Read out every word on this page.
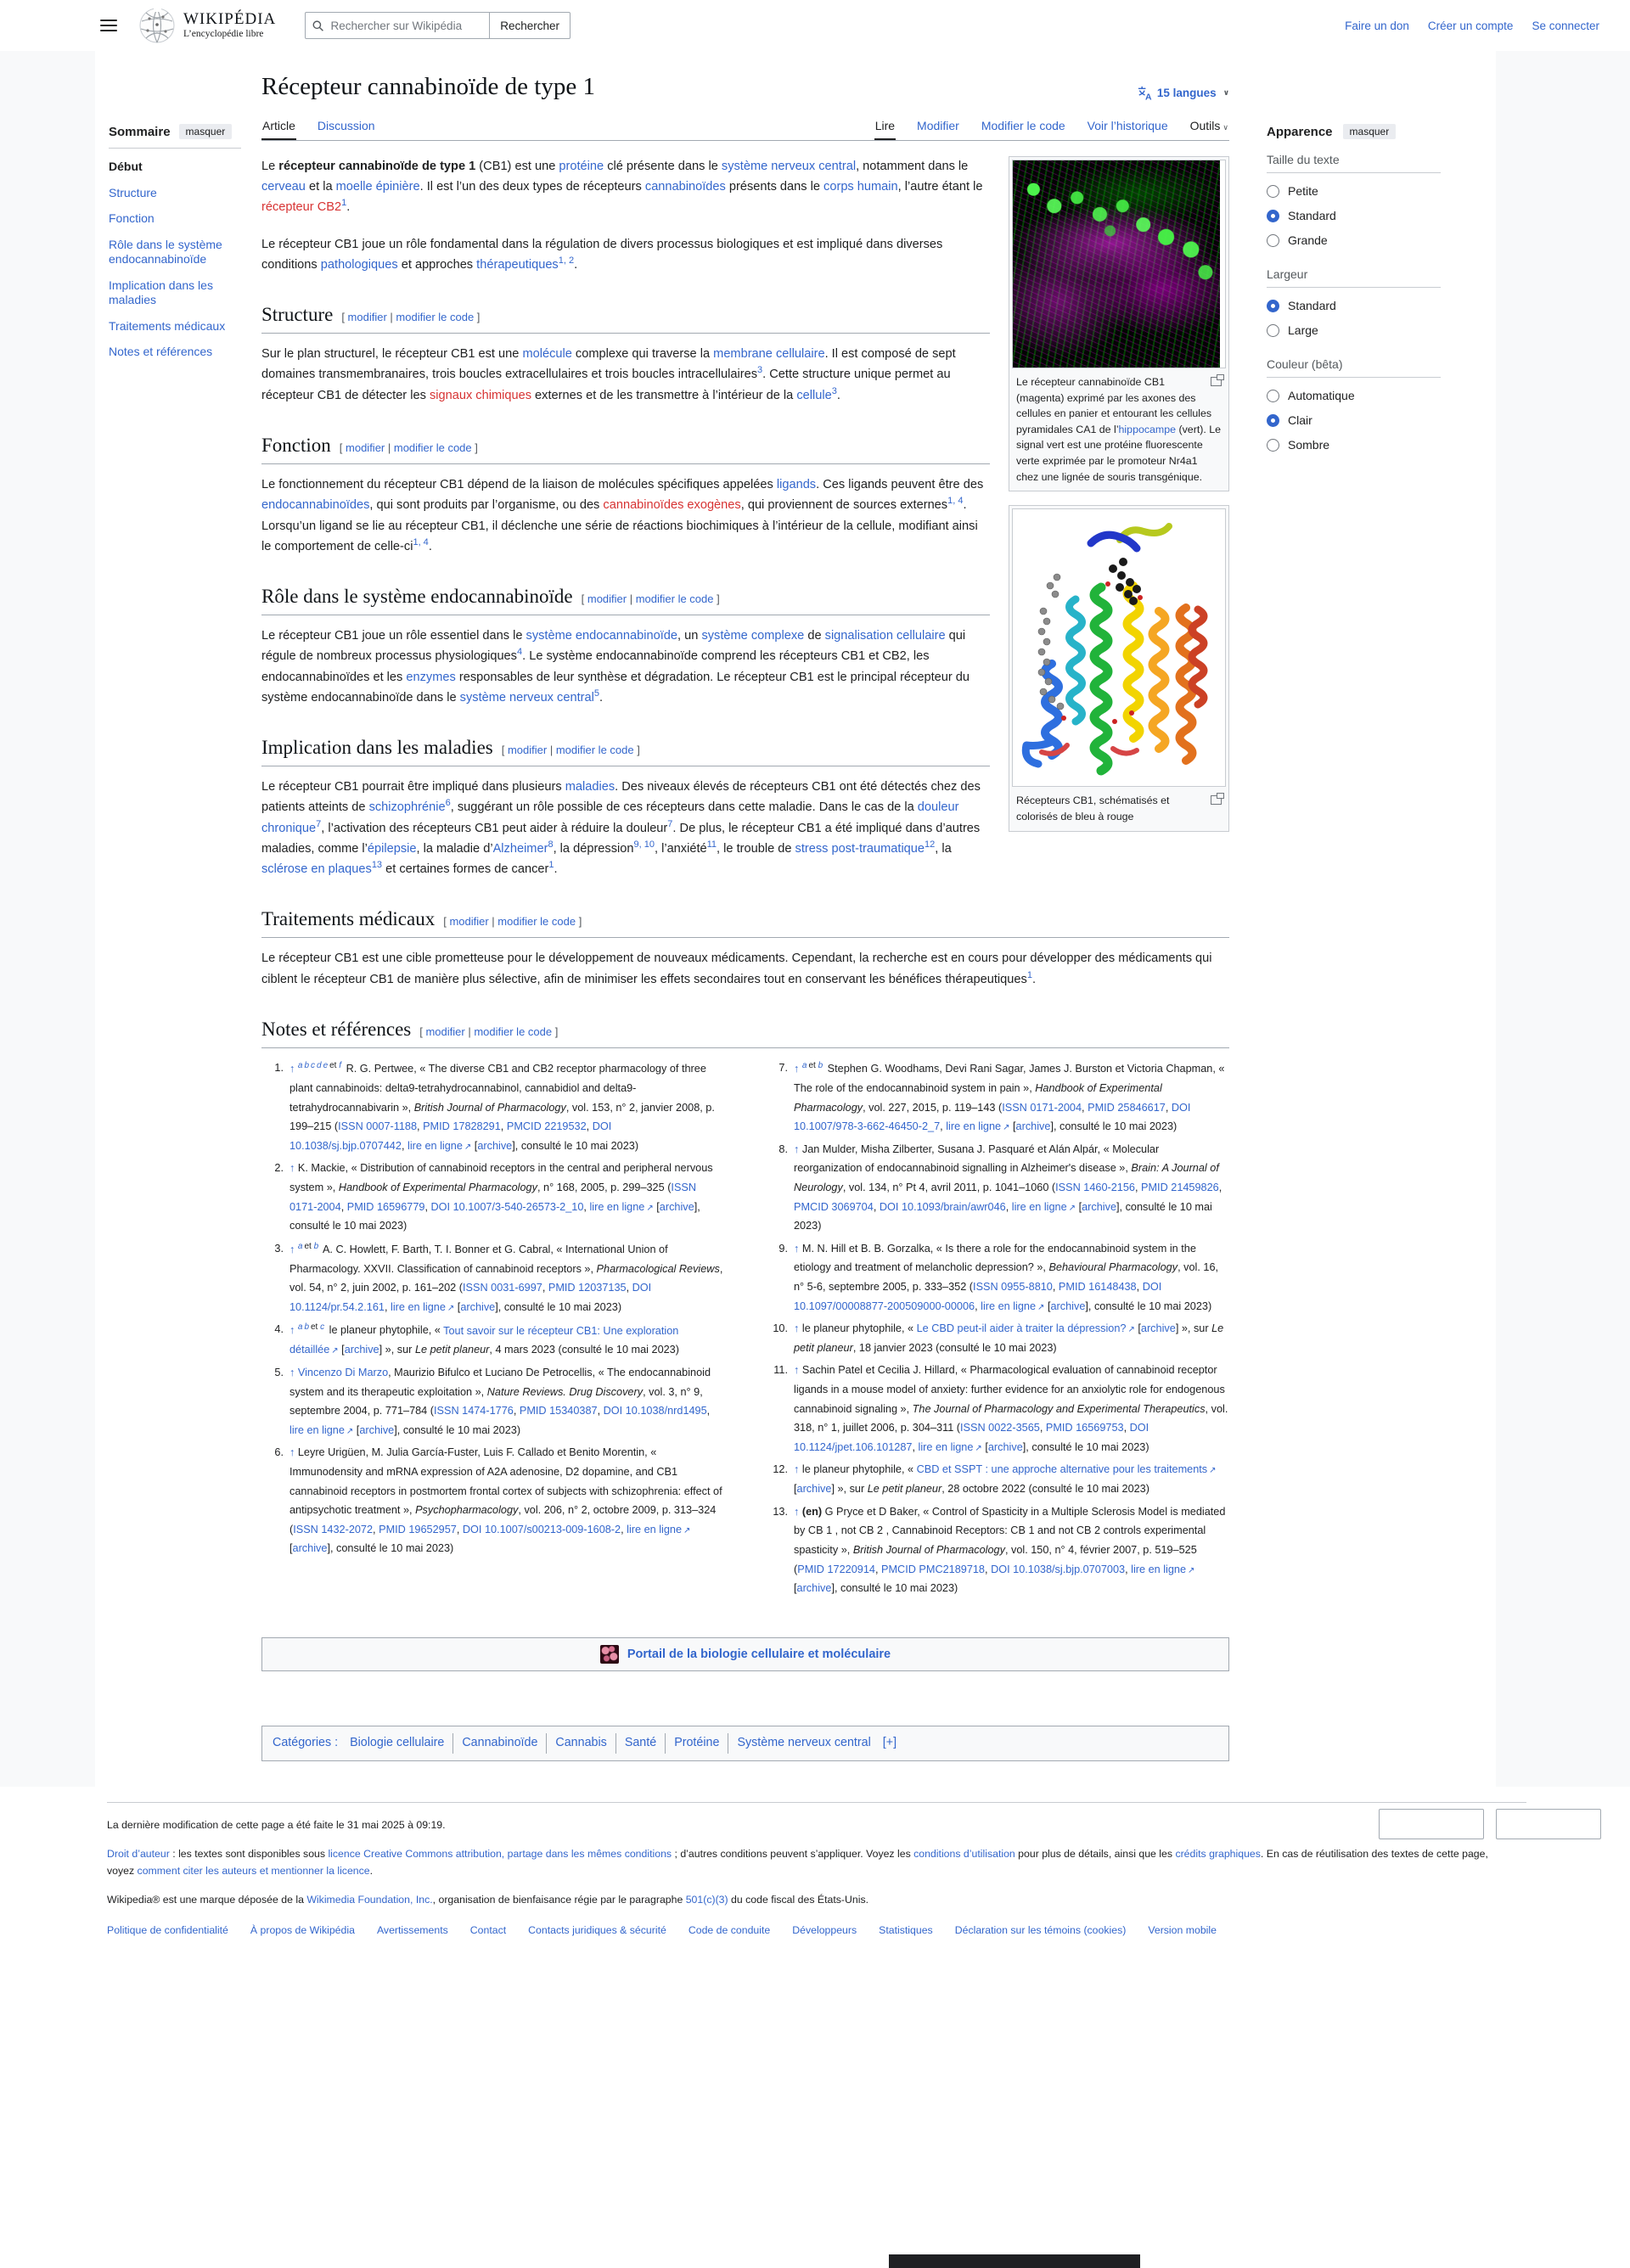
WIKIPÉDIA
L’encyclopédie libre
Rechercher sur Wikipédia
Rechercher	Faire un don Créer un compte Se connecter
Sommaire	masquer
Début
Structure
Fonction
Rôle dans le système endocannabinoïde
Implication dans les maladies
Traitements médicaux
Notes et références
Récepteur cannabinoïde de type 1	A 15 langues ∨
Article Discussion	Lire Modifier Modifier le code Voir l’historique Outils ∨
Le récepteur cannabinoïde CB1 (magenta) exprimé par les axones des cellules en panier et entourant les cellules pyramidales CA1 de l’hippocampe (vert). Le signal vert est une protéine fluorescente verte exprimée par le promoteur Nr4a1 chez une lignée de souris transgénique.
Récepteurs CB1, schématisés et colorisés de bleu à rouge

Le récepteur cannabinoïde de type 1 (CB1) est une protéine clé présente dans le système nerveux central, notamment dans le cerveau et la moelle épinière. Il est l’un des deux types de récepteurs cannabinoïdes présents dans le corps humain, l’autre étant le récepteur CB2$^1$.

Le récepteur CB1 joue un rôle fondamental dans la régulation de divers processus biologiques et est impliqué dans diverses conditions pathologiques et approches thérapeutiques$^{1, 2}$.

Structure [ modifier | modifier le code ]

Sur le plan structurel, le récepteur CB1 est une molécule complexe qui traverse la membrane cellulaire. Il est composé de sept domaines transmembranaires, trois boucles extracellulaires et trois boucles intracellulaires$^3$. Cette structure unique permet au récepteur CB1 de détecter les signaux chimiques externes et de les transmettre à l’intérieur de la cellule$^3$.

Fonction [ modifier | modifier le code ]

Le fonctionnement du récepteur CB1 dépend de la liaison de molécules spécifiques appelées ligands. Ces ligands peuvent être des endocannabinoïdes, qui sont produits par l’organisme, ou des cannabinoïdes exogènes, qui proviennent de sources externes$^{1, 4}$. Lorsqu’un ligand se lie au récepteur CB1, il déclenche une série de réactions biochimiques à l’intérieur de la cellule, modifiant ainsi le comportement de celle-ci$^{1, 4}$.

Rôle dans le système endocannabinoïde [ modifier | modifier le code ]

Le récepteur CB1 joue un rôle essentiel dans le système endocannabinoïde, un système complexe de signalisation cellulaire qui régule de nombreux processus physiologiques$^4$. Le système endocannabinoïde comprend les récepteurs CB1 et CB2, les endocannabinoïdes et les enzymes responsables de leur synthèse et dégradation. Le récepteur CB1 est le principal récepteur du système endocannabinoïde dans le système nerveux central$^5$.

Implication dans les maladies [ modifier | modifier le code ]

Le récepteur CB1 pourrait être impliqué dans plusieurs maladies. Des niveaux élevés de récepteurs CB1 ont été détectés chez des patients atteints de schizophrénie$^6$, suggérant un rôle possible de ces récepteurs dans cette maladie. Dans le cas de la douleur chronique$^7$, l’activation des récepteurs CB1 peut aider à réduire la douleur$^7$. De plus, le récepteur CB1 a été impliqué dans d’autres maladies, comme l’épilepsie, la maladie d’Alzheimer$^8$, la dépression$^{9, 10}$, l’anxiété$^{11}$, le trouble de stress post-traumatique$^{12}$, la sclérose en plaques$^{13}$ et certaines formes de cancer$^1$.

Traitements médicaux [ modifier | modifier le code ]

Le récepteur CB1 est une cible prometteuse pour le développement de nouveaux médicaments. Cependant, la recherche est en cours pour développer des médicaments qui ciblent le récepteur CB1 de manière plus sélective, afin de minimiser les effets secondaires tout en conservant les bénéfices thérapeutiques$^1$.

Notes et références [ modifier | modifier le code ]
1. ↑ $^{a b c d e et f}$ R. G. Pertwee, « The diverse CB1 and CB2 receptor pharmacology of three plant cannabinoids: delta9-tetrahydrocannabinol, cannabidiol and delta9-tetrahydrocannabivarin », British Journal of Pharmacology, vol. 153, n° 2, janvier 2008, p. 199–215 (ISSN 0007-1188, PMID 17828291, PMCID 2219532, DOI 10.1038/sj.bjp.0707442, lire en ligne ↗ [archive], consulté le 10 mai 2023)
2. ↑ K. Mackie, « Distribution of cannabinoid receptors in the central and peripheral nervous system », Handbook of Experimental Pharmacology, n° 168, 2005, p. 299–325 (ISSN 0171-2004, PMID 16596779, DOI 10.1007/3-540-26573-2_10, lire en ligne ↗ [archive], consulté le 10 mai 2023)
3. ↑ $^{a et b}$ A. C. Howlett, F. Barth, T. I. Bonner et G. Cabral, « International Union of Pharmacology. XXVII. Classification of cannabinoid receptors », Pharmacological Reviews, vol. 54, n° 2, juin 2002, p. 161–202 (ISSN 0031-6997, PMID 12037135, DOI 10.1124/pr.54.2.161, lire en ligne ↗ [archive], consulté le 10 mai 2023)
4. ↑ $^{a b et c}$ le planeur phytophile, « Tout savoir sur le récepteur CB1: Une exploration détaillée ↗ [archive] », sur Le petit planeur, 4 mars 2023 (consulté le 10 mai 2023)
5. ↑ Vincenzo Di Marzo, Maurizio Bifulco et Luciano De Petrocellis, « The endocannabinoid system and its therapeutic exploitation », Nature Reviews. Drug Discovery, vol. 3, n° 9, septembre 2004, p. 771–784 (ISSN 1474-1776, PMID 15340387, DOI 10.1038/nrd1495, lire en ligne ↗ [archive], consulté le 10 mai 2023)
6. ↑ Leyre Urigüen, M. Julia García-Fuster, Luis F. Callado et Benito Morentin, « Immunodensity and mRNA expression of A2A adenosine, D2 dopamine, and CB1 cannabinoid receptors in postmortem frontal cortex of subjects with schizophrenia: effect of antipsychotic treatment », Psychopharmacology, vol. 206, n° 2, octobre 2009, p. 313–324 (ISSN 1432-2072, PMID 19652957, DOI 10.1007/s00213-009-1608-2, lire en ligne ↗ [archive], consulté le 10 mai 2023)
7. ↑ $^{a et b}$ Stephen G. Woodhams, Devi Rani Sagar, James J. Burston et Victoria Chapman, « The role of the endocannabinoid system in pain », Handbook of Experimental Pharmacology, vol. 227, 2015, p. 119–143 (ISSN 0171-2004, PMID 25846617, DOI 10.1007/978-3-662-46450-2_7, lire en ligne ↗ [archive], consulté le 10 mai 2023)
8. ↑ Jan Mulder, Misha Zilberter, Susana J. Pasquaré et Alán Alpár, « Molecular reorganization of endocannabinoid signalling in Alzheimer's disease », Brain: A Journal of Neurology, vol. 134, n° Pt 4, avril 2011, p. 1041–1060 (ISSN 1460-2156, PMID 21459826, PMCID 3069704, DOI 10.1093/brain/awr046, lire en ligne ↗ [archive], consulté le 10 mai 2023)
9. ↑ M. N. Hill et B. B. Gorzalka, « Is there a role for the endocannabinoid system in the etiology and treatment of melancholic depression? », Behavioural Pharmacology, vol. 16, n° 5-6, septembre 2005, p. 333–352 (ISSN 0955-8810, PMID 16148438, DOI 10.1097/00008877-200509000-00006, lire en ligne ↗ [archive], consulté le 10 mai 2023)
10. ↑ le planeur phytophile, « Le CBD peut-il aider à traiter la dépression? ↗ [archive] », sur Le petit planeur, 18 janvier 2023 (consulté le 10 mai 2023)
11. ↑ Sachin Patel et Cecilia J. Hillard, « Pharmacological evaluation of cannabinoid receptor ligands in a mouse model of anxiety: further evidence for an anxiolytic role for endogenous cannabinoid signaling », The Journal of Pharmacology and Experimental Therapeutics, vol. 318, n° 1, juillet 2006, p. 304–311 (ISSN 0022-3565, PMID 16569753, DOI 10.1124/jpet.106.101287, lire en ligne ↗ [archive], consulté le 10 mai 2023)
12. ↑ le planeur phytophile, « CBD et SSPT : une approche alternative pour les traitements ↗ [archive] », sur Le petit planeur, 28 octobre 2022 (consulté le 10 mai 2023)
13. ↑ (en) G Pryce et D Baker, « Control of Spasticity in a Multiple Sclerosis Model is mediated by CB 1 , not CB 2 , Cannabinoid Receptors: CB 1 and not CB 2 controls experimental spasticity », British Journal of Pharmacology, vol. 150, n° 4, février 2007, p. 519–525 (PMID 17220914, PMCID PMC2189718, DOI 10.1038/sj.bjp.0707003, lire en ligne ↗ [archive], consulté le 10 mai 2023)
Portail de la biologie cellulaire et moléculaire
Catégories : Biologie cellulaire	Cannabinoïde	Cannabis	Santé	Protéine	Système nerveux central [+]
Apparence	masquer
Taille du texte
Petite
Standard
Grande
Largeur
Standard
Large
Couleur (bêta)
Automatique
Clair
Sombre

La dernière modification de cette page a été faite le 31 mai 2025 à 09:19.

Droit d’auteur : les textes sont disponibles sous licence Creative Commons attribution, partage dans les mêmes conditions ; d’autres conditions peuvent s’appliquer. Voyez les conditions d’utilisation pour plus de détails, ainsi que les crédits graphiques. En cas de réutilisation des textes de cette page, voyez comment citer les auteurs et mentionner la licence.

Wikipedia® est une marque déposée de la Wikimedia Foundation, Inc., organisation de bienfaisance régie par le paragraphe 501(c)(3) du code fiscal des États-Unis.

Politique de confidentialité À propos de Wikipédia Avertissements Contact Contacts juridiques & sécurité Code de conduite Développeurs Statistiques Déclaration sur les témoins (cookies) Version mobile
